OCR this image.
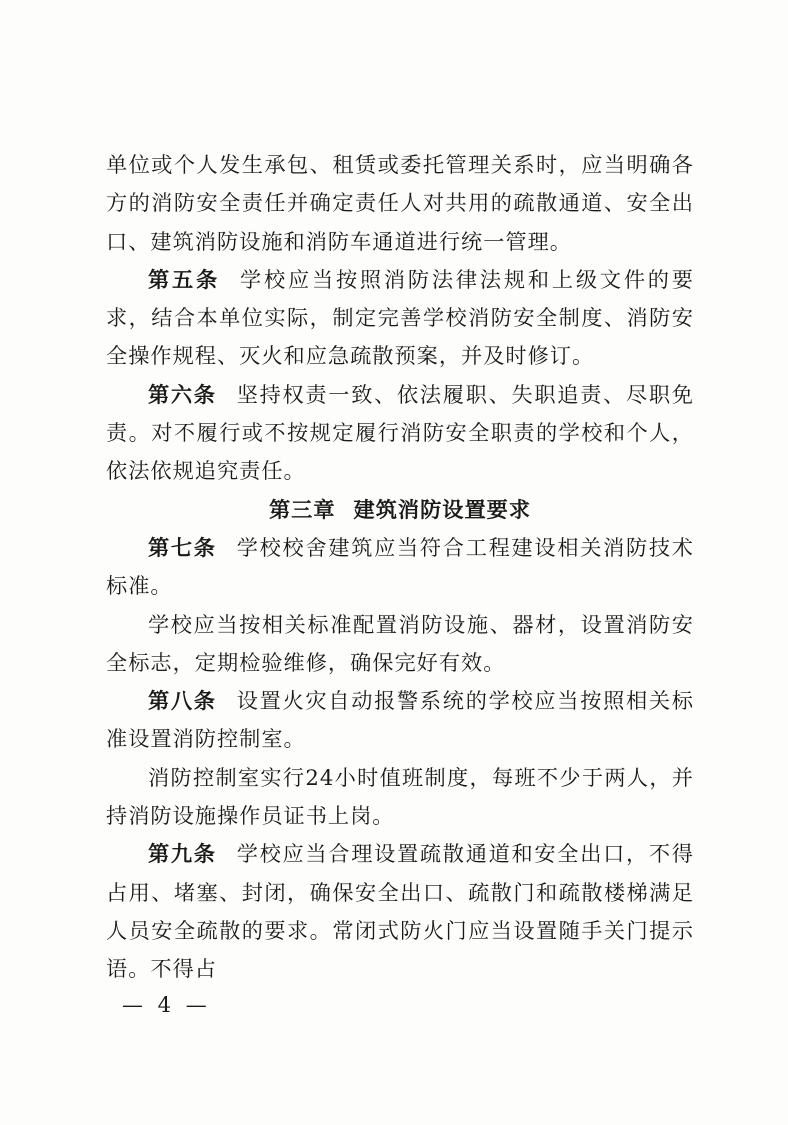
单位或个人发生承包、租赁或委托管理关系时，应当明确各方的消防安全责任并确定责任人对共用的疏散通道、安全出口、建筑消防设施和消防车通道进行统一管理。

第五条 学校应当按照消防法律法规和上级文件的要求，结合本单位实际，制定完善学校消防安全制度、消防安全操作规程、灭火和应急疏散预案，并及时修订。

第六条 坚持权责一致、依法履职、失职追责、尽职免责。对不履行或不按规定履行消防安全职责的学校和个人，依法依规追究责任。

第三章 建筑消防设置要求

第七条 学校校舍建筑应当符合工程建设相关消防技术标准。

学校应当按相关标准配置消防设施、器材，设置消防安全标志，定期检验维修，确保完好有效。

第八条 设置火灾自动报警系统的学校应当按照相关标准设置消防控制室。

消防控制室实行24小时值班制度，每班不少于两人，并持消防设施操作员证书上岗。

第九条 学校应当合理设置疏散通道和安全出口，不得占用、堵塞、封闭，确保安全出口、疏散门和疏散楼梯满足人员安全疏散的要求。常闭式防火门应当设置随手关门提示语。不得占

— 4 —
